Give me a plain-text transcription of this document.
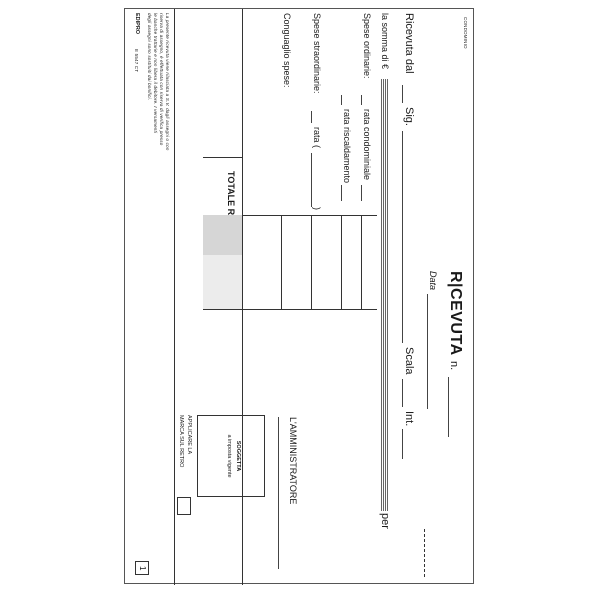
CONDOMINIO
R|CEVUTA
n.
Data
Ricevuta dal
Sig.
Scala
Int.
la somma di €
per
Spese ordinarie:
rata condominiale
rata riscaldamento
Spese straordinarie:
rata (
)
Conguaglio spese:
L'AMMINISTRATORE
SOGGETTA
a imposta vigente
APPLICARE LA
MARCA SUL RETRO
La presente ricevuta viene rilasciata a S.V. dagli assegni o con
riserva di assegno, è effettuata con riserva di verifica presso
le banche trattarie e non libera il debitore. I versamenti
degli assegni sono sostituiti dai bonifici.
EDIPRO
E 5547 CT
1
